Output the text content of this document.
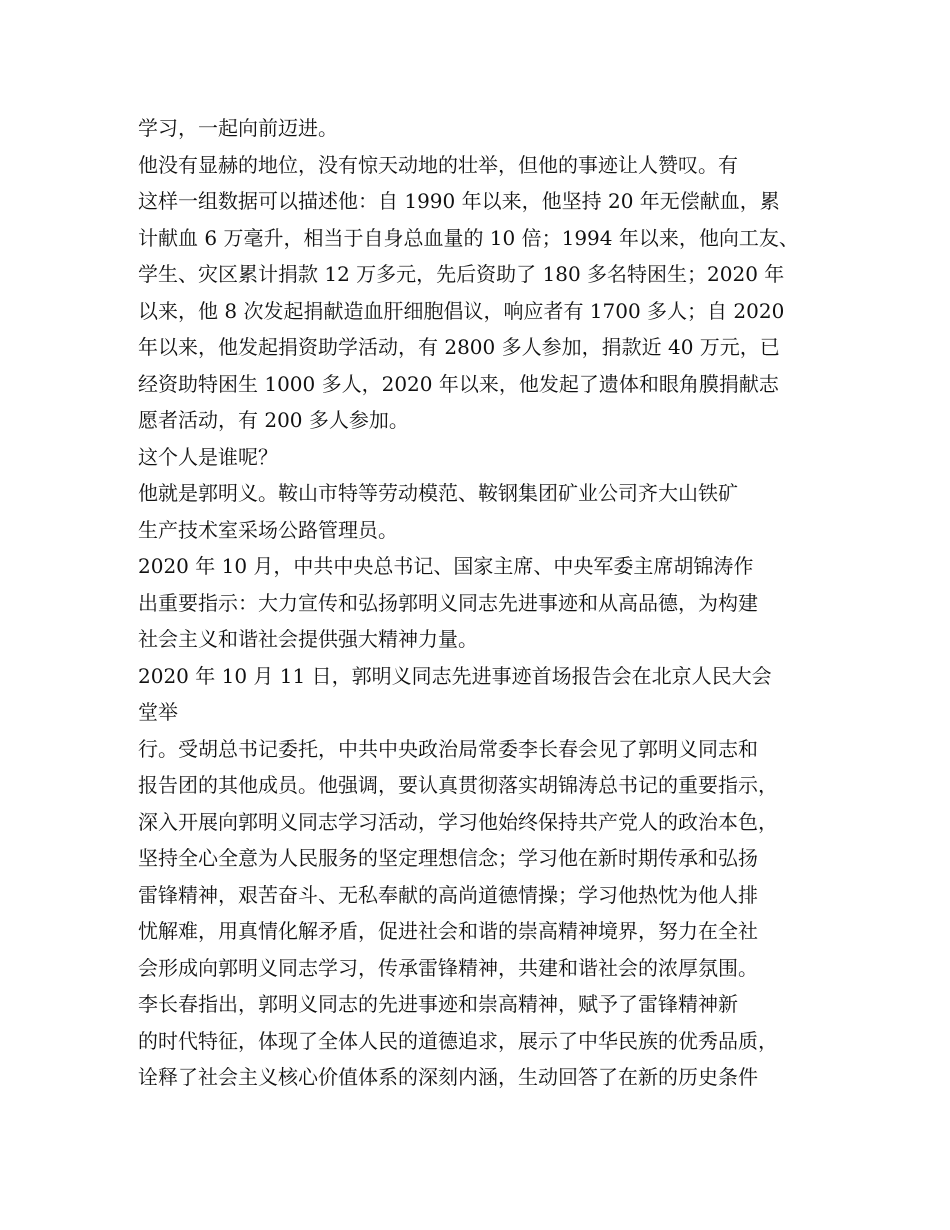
学习，一起向前迈进。
他没有显赫的地位，没有惊天动地的壮举，但他的事迹让人赞叹。有
这样一组数据可以描述他：自 1990 年以来，他坚持 20 年无偿献血，累
计献血 6 万毫升，相当于自身总血量的 10 倍；1994 年以来，他向工友、
学生、灾区累计捐款 12 万多元，先后资助了 180 多名特困生；2020 年
以来，他 8 次发起捐献造血肝细胞倡议，响应者有 1700 多人；自 2020
年以来，他发起捐资助学活动，有 2800 多人参加，捐款近 40 万元，已
经资助特困生 1000 多人，2020 年以来，他发起了遗体和眼角膜捐献志
愿者活动，有 200 多人参加。
这个人是谁呢？
他就是郭明义。鞍山市特等劳动模范、鞍钢集团矿业公司齐大山铁矿
生产技术室采场公路管理员。
2020 年 10 月，中共中央总书记、国家主席、中央军委主席胡锦涛作
出重要指示：大力宣传和弘扬郭明义同志先进事迹和从高品德，为构建
社会主义和谐社会提供强大精神力量。
2020 年 10 月 11 日，郭明义同志先进事迹首场报告会在北京人民大会
堂举
行。受胡总书记委托，中共中央政治局常委李长春会见了郭明义同志和
报告团的其他成员。他强调，要认真贯彻落实胡锦涛总书记的重要指示，
深入开展向郭明义同志学习活动，学习他始终保持共产党人的政治本色，
坚持全心全意为人民服务的坚定理想信念；学习他在新时期传承和弘扬
雷锋精神，艰苦奋斗、无私奉献的高尚道德情操；学习他热忱为他人排
忧解难，用真情化解矛盾，促进社会和谐的崇高精神境界，努力在全社
会形成向郭明义同志学习，传承雷锋精神，共建和谐社会的浓厚氛围。
李长春指出，郭明义同志的先进事迹和崇高精神，赋予了雷锋精神新
的时代特征，体现了全体人民的道德追求，展示了中华民族的优秀品质，
诠释了社会主义核心价值体系的深刻内涵，生动回答了在新的历史条件
